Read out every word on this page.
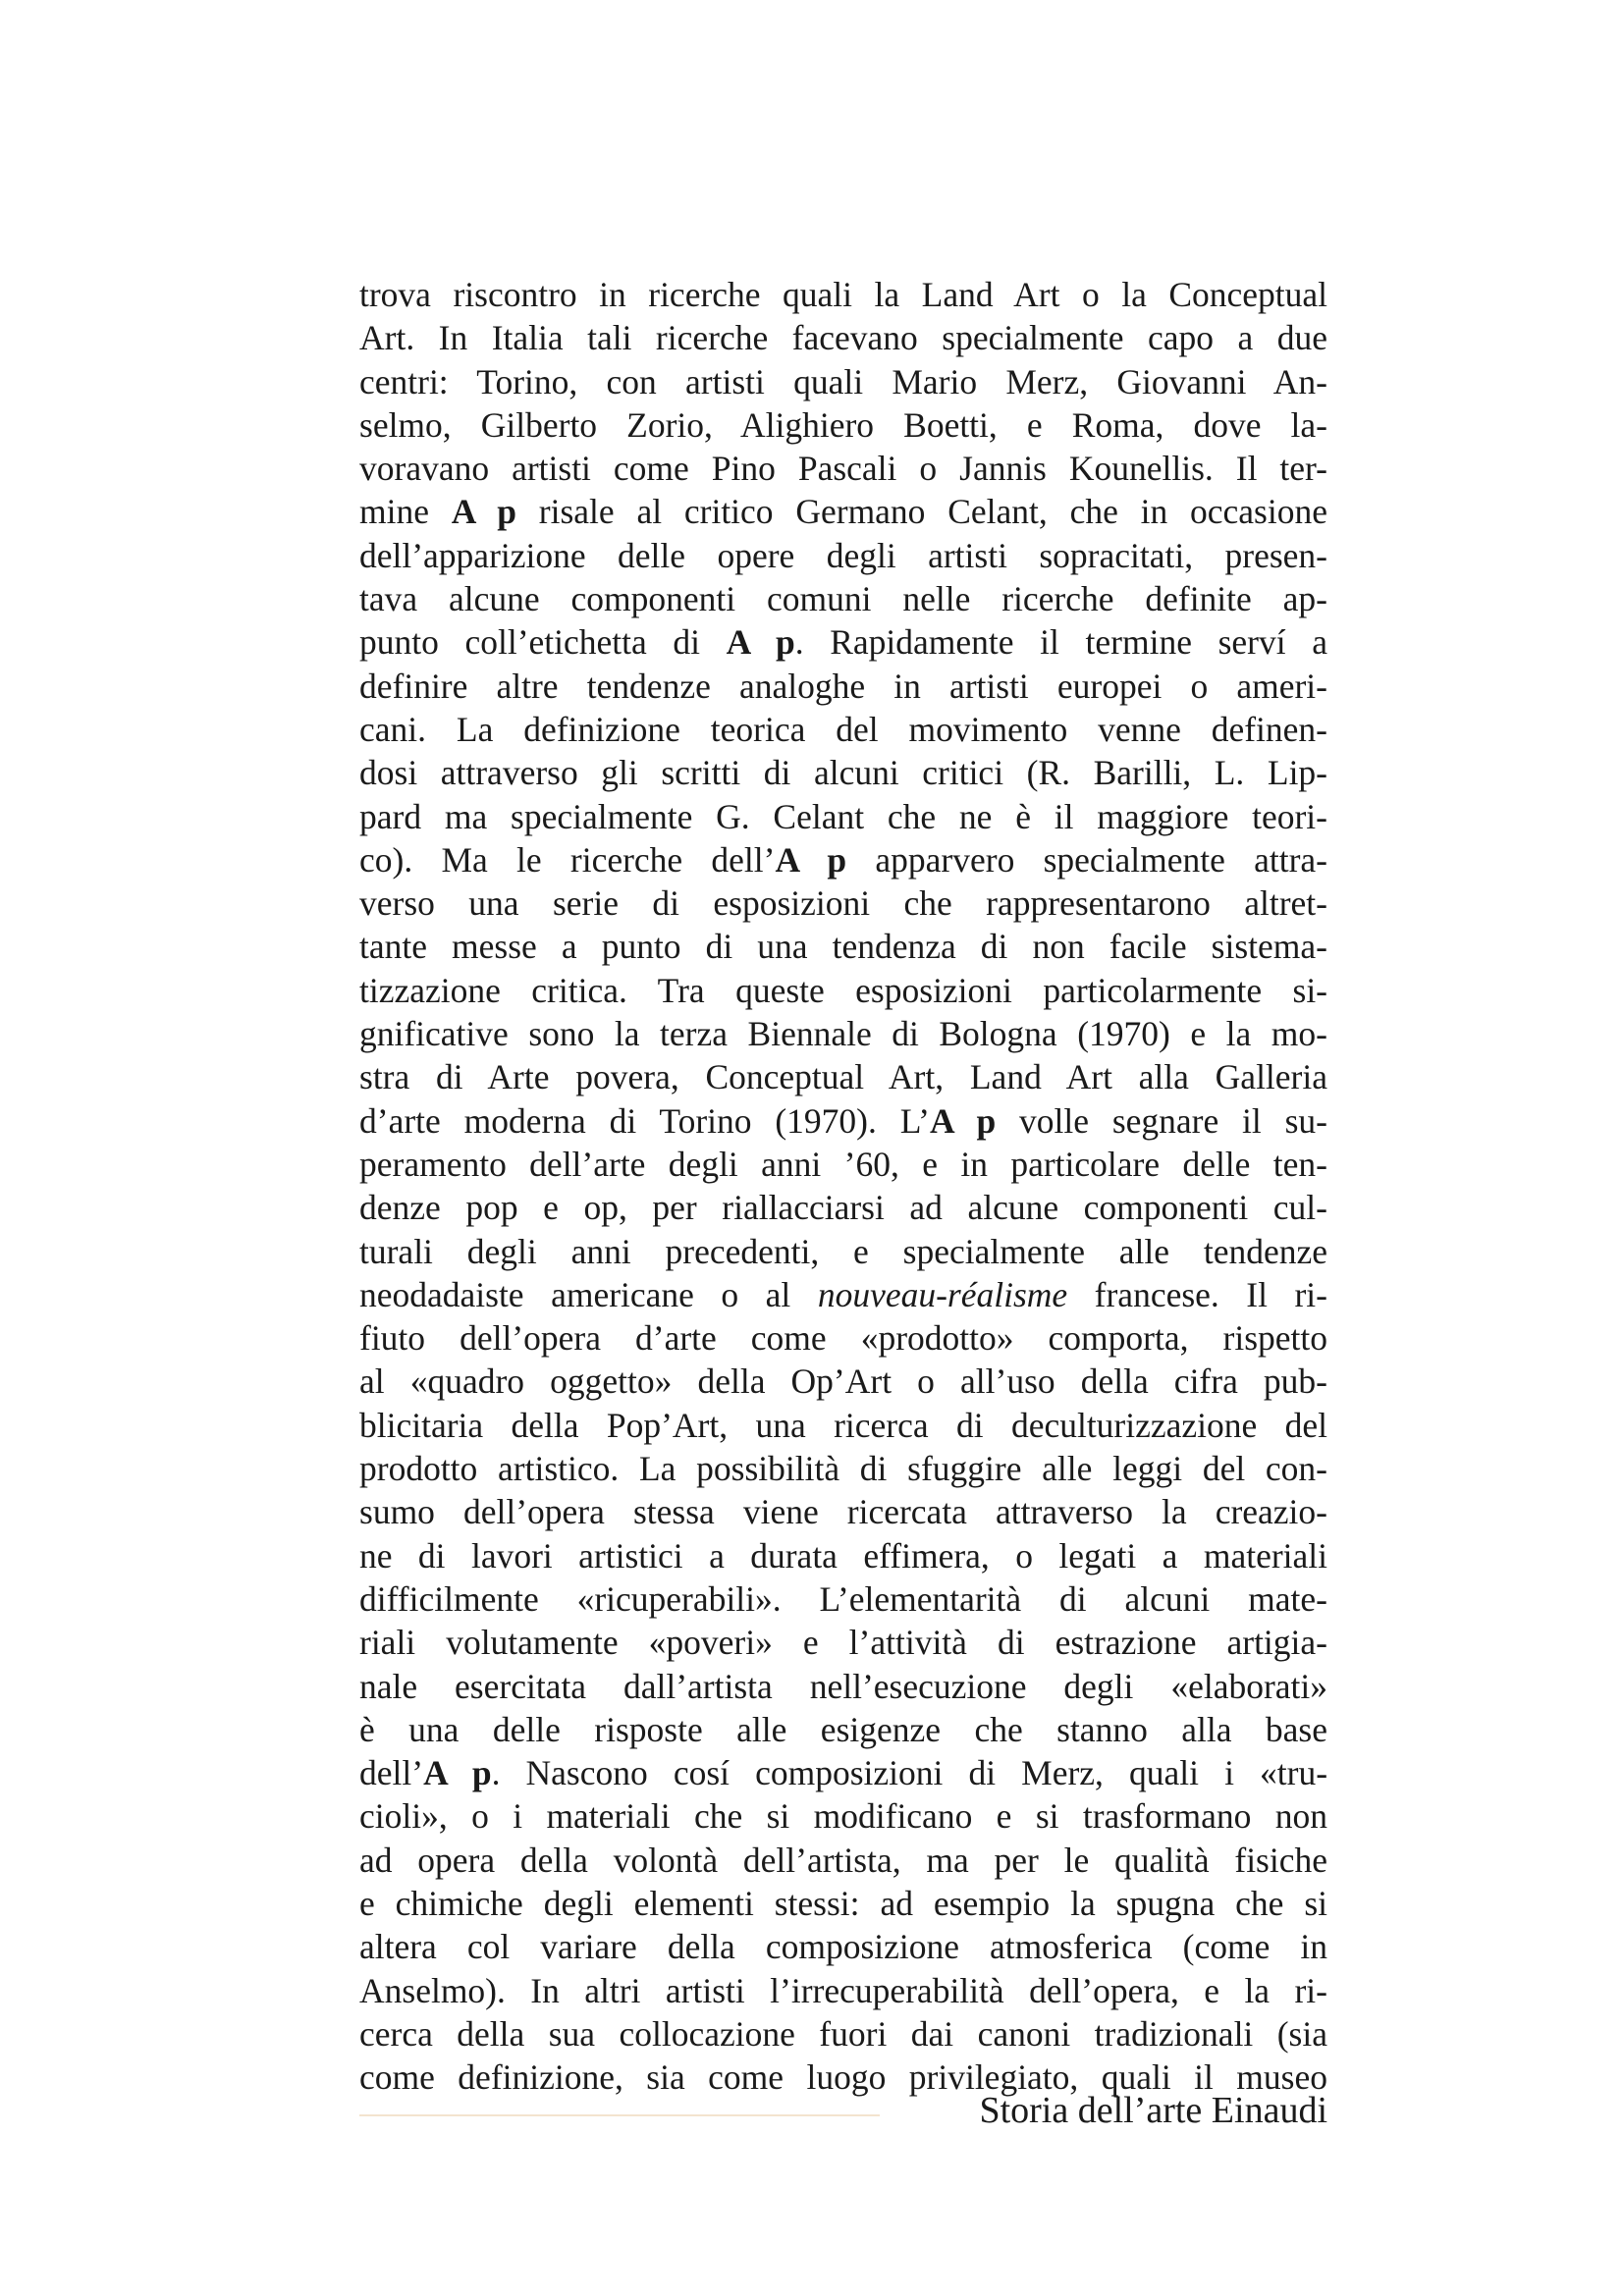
trova riscontro in ricerche quali la Land Art o la Conceptual
Art. In Italia tali ricerche facevano specialmente capo a due
centri: Torino, con artisti quali Mario Merz, Giovanni An-
selmo, Gilberto Zorio, Alighiero Boetti, e Roma, dove la-
voravano artisti come Pino Pascali o Jannis Kounellis. Il ter-
mine A p risale al critico Germano Celant, che in occasione
dell’apparizione delle opere degli artisti sopracitati, presen-
tava alcune componenti comuni nelle ricerche definite ap-
punto coll’etichetta di A p. Rapidamente il termine serví a
definire altre tendenze analoghe in artisti europei o ameri-
cani. La definizione teorica del movimento venne definen-
dosi attraverso gli scritti di alcuni critici (R. Barilli, L. Lip-
pard ma specialmente G. Celant che ne è il maggiore teori-
co). Ma le ricerche dell’A p apparvero specialmente attra-
verso una serie di esposizioni che rappresentarono altret-
tante messe a punto di una tendenza di non facile sistema-
tizzazione critica. Tra queste esposizioni particolarmente si-
gnificative sono la terza Biennale di Bologna (1970) e la mo-
stra di Arte povera, Conceptual Art, Land Art alla Galleria
d’arte moderna di Torino (1970). L’A p volle segnare il su-
peramento dell’arte degli anni ’60, e in particolare delle ten-
denze pop e op, per riallacciarsi ad alcune componenti cul-
turali degli anni precedenti, e specialmente alle tendenze
neodadaiste americane o al nouveau-réalisme francese. Il ri-
fiuto dell’opera d’arte come «prodotto» comporta, rispetto
al «quadro oggetto» della Op’Art o all’uso della cifra pub-
blicitaria della Pop’Art, una ricerca di deculturizzazione del
prodotto artistico. La possibilità di sfuggire alle leggi del con-
sumo dell’opera stessa viene ricercata attraverso la creazio-
ne di lavori artistici a durata effimera, o legati a materiali
difficilmente «ricuperabili». L’elementarità di alcuni mate-
riali volutamente «poveri» e l’attività di estrazione artigia-
nale esercitata dall’artista nell’esecuzione degli «elaborati»
è una delle risposte alle esigenze che stanno alla base
dell’A p. Nascono cosí composizioni di Merz, quali i «tru-
cioli», o i materiali che si modificano e si trasformano non
ad opera della volontà dell’artista, ma per le qualità fisiche
e chimiche degli elementi stessi: ad esempio la spugna che si
altera col variare della composizione atmosferica (come in
Anselmo). In altri artisti l’irrecuperabilità dell’opera, e la ri-
cerca della sua collocazione fuori dai canoni tradizionali (sia
come definizione, sia come luogo privilegiato, quali il museo
Storia dell’arte Einaudi
